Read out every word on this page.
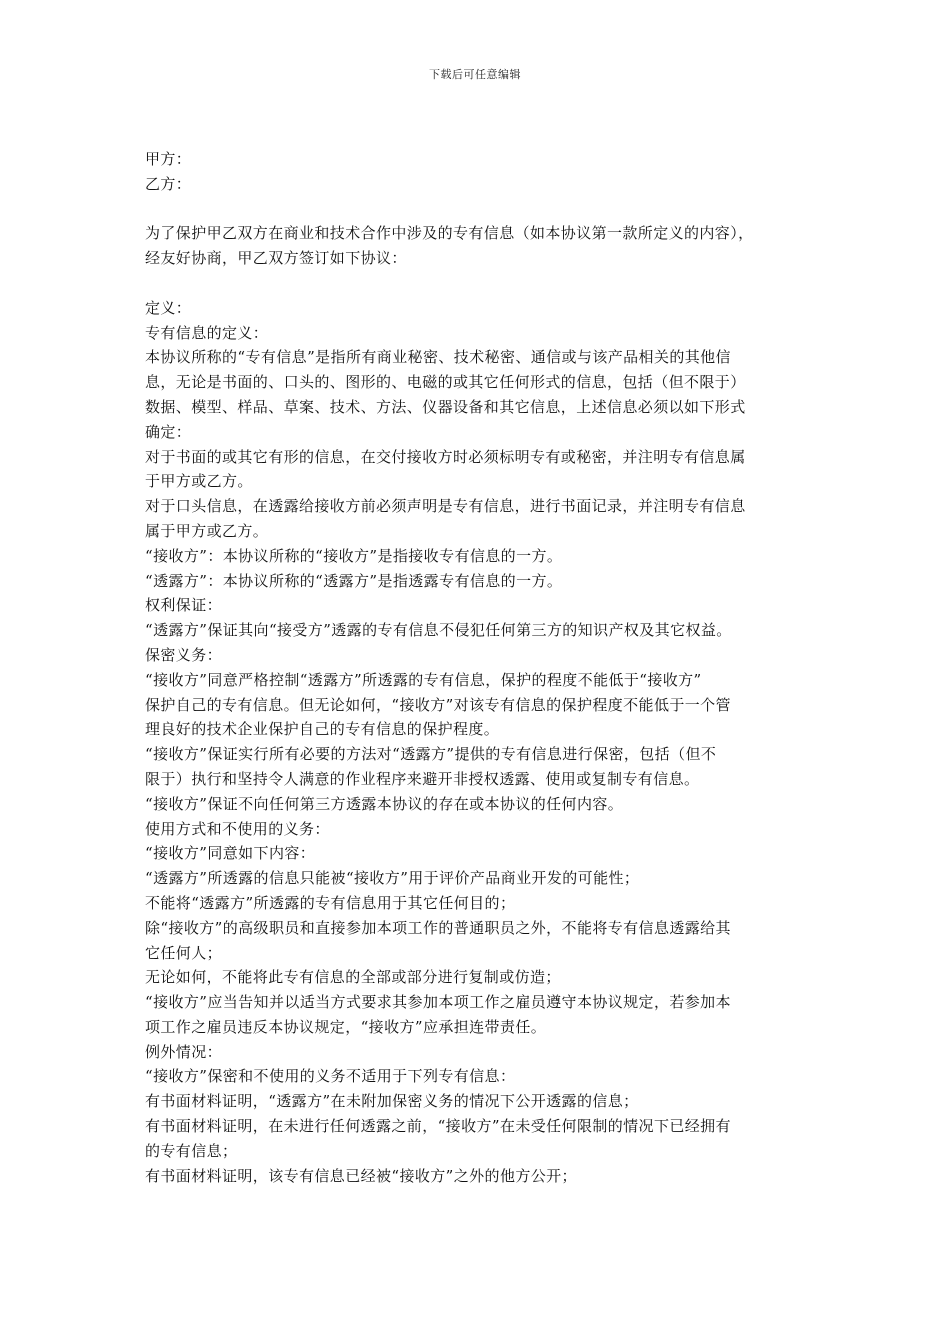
下载后可任意编辑
甲方：
乙方：
为了保护甲乙双方在商业和技术合作中涉及的专有信息（如本协议第一款所定义的内容），
经友好协商，甲乙双方签订如下协议：
定义：
专有信息的定义：
本协议所称的“专有信息”是指所有商业秘密、技术秘密、通信或与该产品相关的其他信
息，无论是书面的、口头的、图形的、电磁的或其它任何形式的信息，包括（但不限于）
数据、模型、样品、草案、技术、方法、仪器设备和其它信息，上述信息必须以如下形式
确定：
对于书面的或其它有形的信息，在交付接收方时必须标明专有或秘密，并注明专有信息属
于甲方或乙方。
对于口头信息，在透露给接收方前必须声明是专有信息，进行书面记录，并注明专有信息
属于甲方或乙方。
“接收方”：本协议所称的“接收方”是指接收专有信息的一方。
“透露方”：本协议所称的“透露方”是指透露专有信息的一方。
权利保证：
“透露方”保证其向“接受方”透露的专有信息不侵犯任何第三方的知识产权及其它权益。
保密义务：
“接收方”同意严格控制“透露方”所透露的专有信息，保护的程度不能低于“接收方”
保护自己的专有信息。但无论如何，“接收方”对该专有信息的保护程度不能低于一个管
理良好的技术企业保护自己的专有信息的保护程度。
“接收方”保证实行所有必要的方法对“透露方”提供的专有信息进行保密，包括（但不
限于）执行和坚持令人满意的作业程序来避开非授权透露、使用或复制专有信息。
“接收方”保证不向任何第三方透露本协议的存在或本协议的任何内容。
使用方式和不使用的义务：
“接收方”同意如下内容：
“透露方”所透露的信息只能被“接收方”用于评价产品商业开发的可能性；
不能将“透露方”所透露的专有信息用于其它任何目的；
除“接收方”的高级职员和直接参加本项工作的普通职员之外，不能将专有信息透露给其
它任何人；
无论如何，不能将此专有信息的全部或部分进行复制或仿造；
“接收方”应当告知并以适当方式要求其参加本项工作之雇员遵守本协议规定，若参加本
项工作之雇员违反本协议规定，“接收方”应承担连带责任。
例外情况：
“接收方”保密和不使用的义务不适用于下列专有信息：
有书面材料证明，“透露方”在未附加保密义务的情况下公开透露的信息；
有书面材料证明，在未进行任何透露之前，“接收方”在未受任何限制的情况下已经拥有
的专有信息；
有书面材料证明，该专有信息已经被“接收方”之外的他方公开；
